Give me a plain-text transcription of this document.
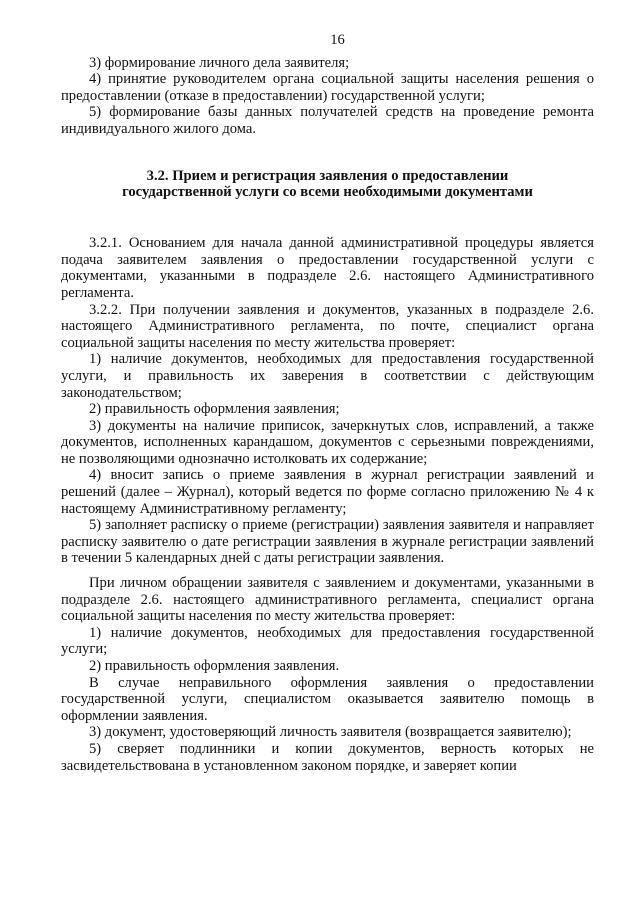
16

3) формирование личного дела заявителя;

4) принятие руководителем органа социальной защиты населения решения о предоставлении (отказе в предоставлении) государственной услуги;

5) формирование базы данных получателей средств на проведение ремонта индивидуального жилого дома.

3.2. Прием и регистрация заявления о предоставлении
государственной услуги со всеми необходимыми документами

3.2.1. Основанием для начала данной административной процедуры является подача заявителем заявления о предоставлении государственной услуги с документами, указанными в подразделе 2.6. настоящего Административного регламента.

3.2.2. При получении заявления и документов, указанных в подразделе 2.6. настоящего Административного регламента, по почте, специалист органа социальной защиты населения по месту жительства проверяет:

1) наличие документов, необходимых для предоставления государственной услуги, и правильность их заверения в соответствии с действующим законодательством;

2) правильность оформления заявления;

3) документы на наличие приписок, зачеркнутых слов, исправлений, а также документов, исполненных карандашом, документов с серьезными повреждениями, не позволяющими однозначно истолковать их содержание;

4) вносит запись о приеме заявления в журнал регистрации заявлений и решений (далее – Журнал), который ведется по форме согласно приложению № 4 к настоящему Административному регламенту;

5) заполняет расписку о приеме (регистрации) заявления заявителя и направляет расписку заявителю о дате регистрации заявления в журнале регистрации заявлений в течении 5 календарных дней с даты регистрации заявления.

При личном обращении заявителя с заявлением и документами, указанными в подразделе 2.6. настоящего административного регламента, специалист органа социальной защиты населения по месту жительства проверяет:

1) наличие документов, необходимых для предоставления государственной услуги;

2) правильность оформления заявления.

В случае неправильного оформления заявления о предоставлении государственной услуги, специалистом оказывается заявителю помощь в оформлении заявления.

3) документ, удостоверяющий личность заявителя (возвращается заявителю);

5) сверяет подлинники и копии документов, верность которых не засвидетельствована в установленном законом порядке, и заверяет копии
